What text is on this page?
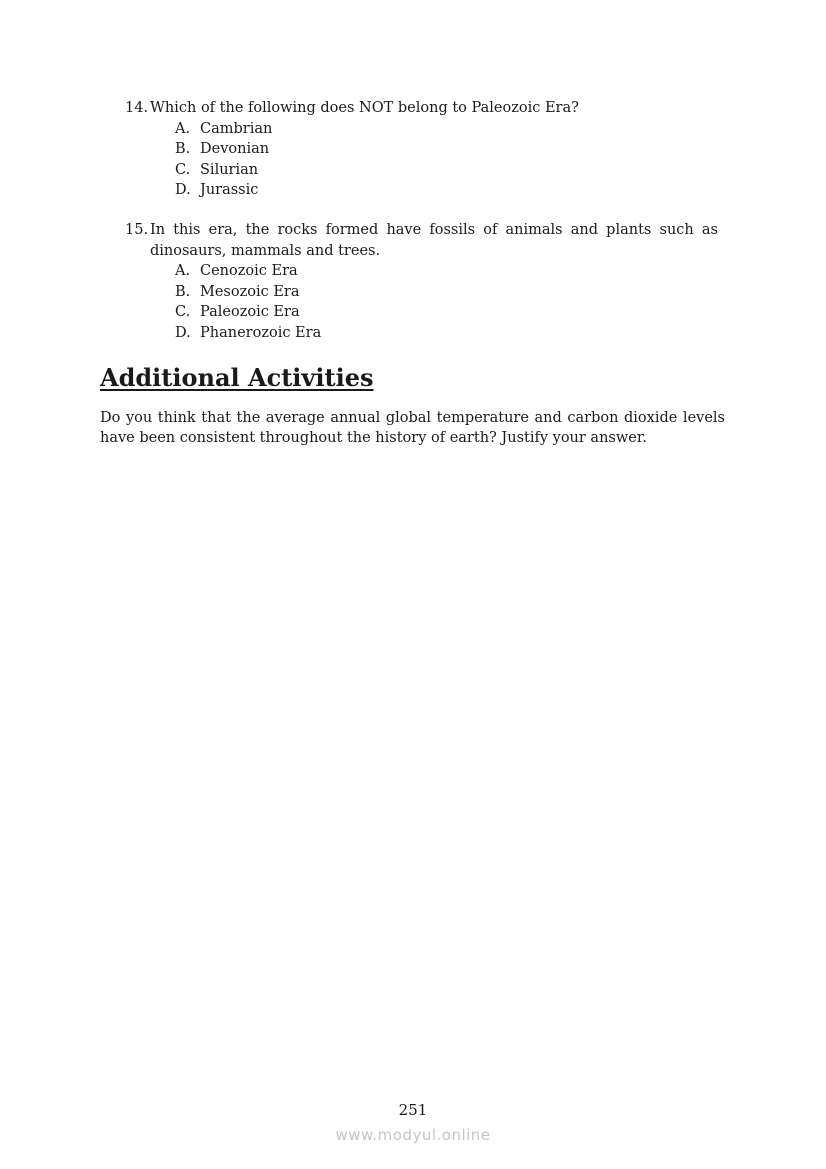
14. Which of the following does NOT belong to Paleozoic Era?
A. Cambrian
B. Devonian
C. Silurian
D. Jurassic
15. In this era, the rocks formed have fossils of animals and plants such as
dinosaurs, mammals and trees.
A. Cenozoic Era
B. Mesozoic Era
C. Paleozoic Era
D. Phanerozoic Era
Additional Activities
Do you think that the average annual global temperature and carbon dioxide levels
have been consistent throughout the history of earth? Justify your answer.
251
www.modyul.online
